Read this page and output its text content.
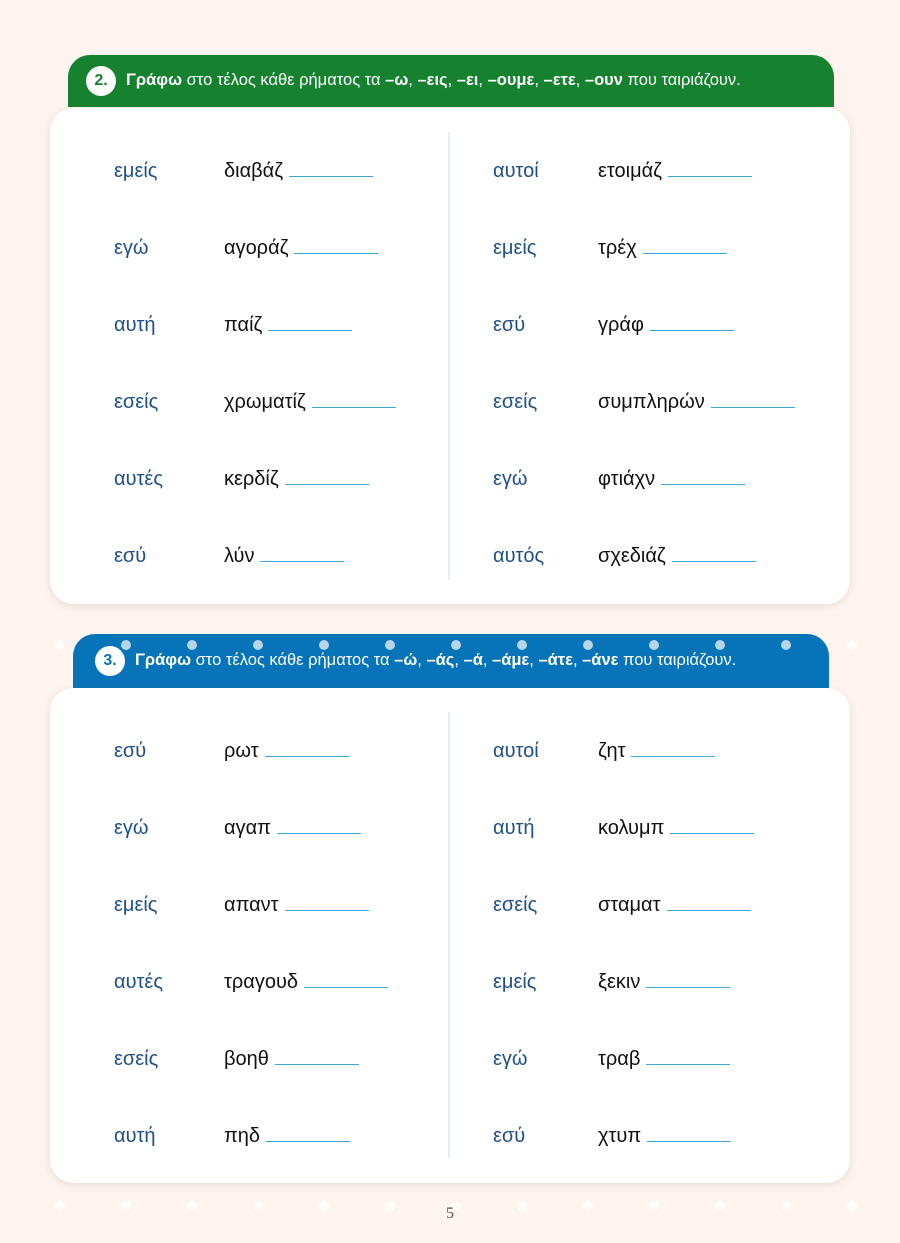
2.	Γράφω στο τέλος κάθε ρήματος τα –ω, –εις, –ει, –ουμε, –ετε, –ουν που ταιριάζουν.
εμείς	διαβάζ
εγώ	αγοράζ
αυτή	παίζ
εσείς	χρωματίζ
αυτές	κερδίζ
εσύ	λύν
αυτοί	ετοιμάζ
εμείς	τρέχ
εσύ	γράφ
εσείς	συμπληρών
εγώ	φτιάχν
αυτός	σχεδιάζ
3.	Γράφω στο τέλος κάθε ρήματος τα –ώ, –άς, –ά, –άμε, –άτε, –άνε που ταιριάζουν.
εσύ	ρωτ
εγώ	αγαπ
εμείς	απαντ
αυτές	τραγουδ
εσείς	βοηθ
αυτή	πηδ
αυτοί	ζητ
αυτή	κολυμπ
εσείς	σταματ
εμείς	ξεκιν
εγώ	τραβ
εσύ	χτυπ
5
